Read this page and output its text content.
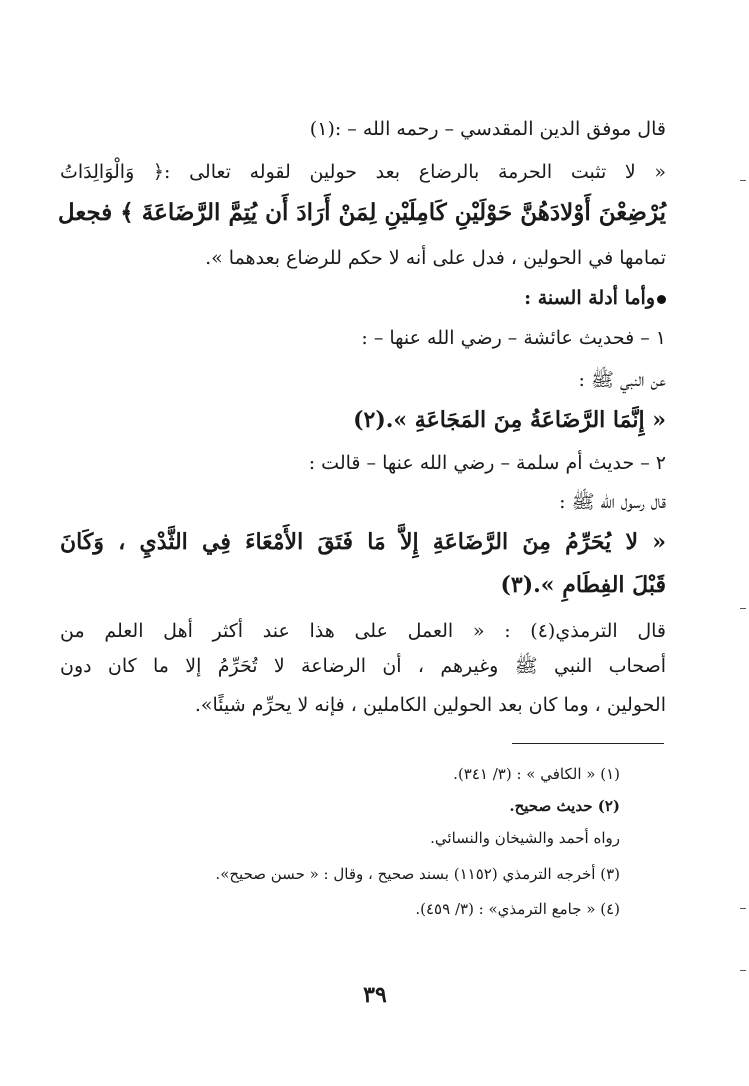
قال موفق الدين المقدسي – رحمه الله – :(١)
« لا تثبت الحرمة بالرضاع بعد حولين لقوله تعالى :﴿ وَالْوَالِدَاتُ
يُرْضِعْنَ أَوْلادَهُنَّ حَوْلَيْنِ كَامِلَيْنِ لِمَنْ أَرَادَ أَن يُتِمَّ الرَّضَاعَةَ ﴾ فجعل
تمامها في الحولين ، فدل على أنه لا حكم للرضاع بعدهما ».
وأما أدلة السنة :
١ – فحديث عائشة – رضي الله عنها – :
عن النبي ﷺ :
« إِنَّمَا الرَّضَاعَةُ مِنَ المَجَاعَةِ ».(٢)
٢ – حديث أم سلمة – رضي الله عنها – قالت :
قال رسول الله ﷺ :
« لا يُحَرِّمُ مِنَ الرَّضَاعَةِ إِلاَّ مَا فَتَقَ الأَمْعَاءَ فِي الثَّدْيِ ، وَكَانَ
قَبْلَ الفِطَامِ ».(٣)
قال الترمذي(٤) : « العمل على هذا عند أكثر أهل العلم من
أصحاب النبي ﷺ وغيرهم ، أن الرضاعة لا تُحَرِّمُ إلا ما كان دون
الحولين ، وما كان بعد الحولين الكاملين ، فإنه لا يحرِّم شيئًا».
(١) « الكافي » : (٣/ ٣٤١).
(٢) حديث صحيح.
رواه أحمد والشيخان والنسائي.
(٣) أخرجه الترمذي (١١٥٢) بسند صحيح ، وقال : « حسن صحيح».
(٤) « جامع الترمذي» : (٣/ ٤٥٩).
٣٩
